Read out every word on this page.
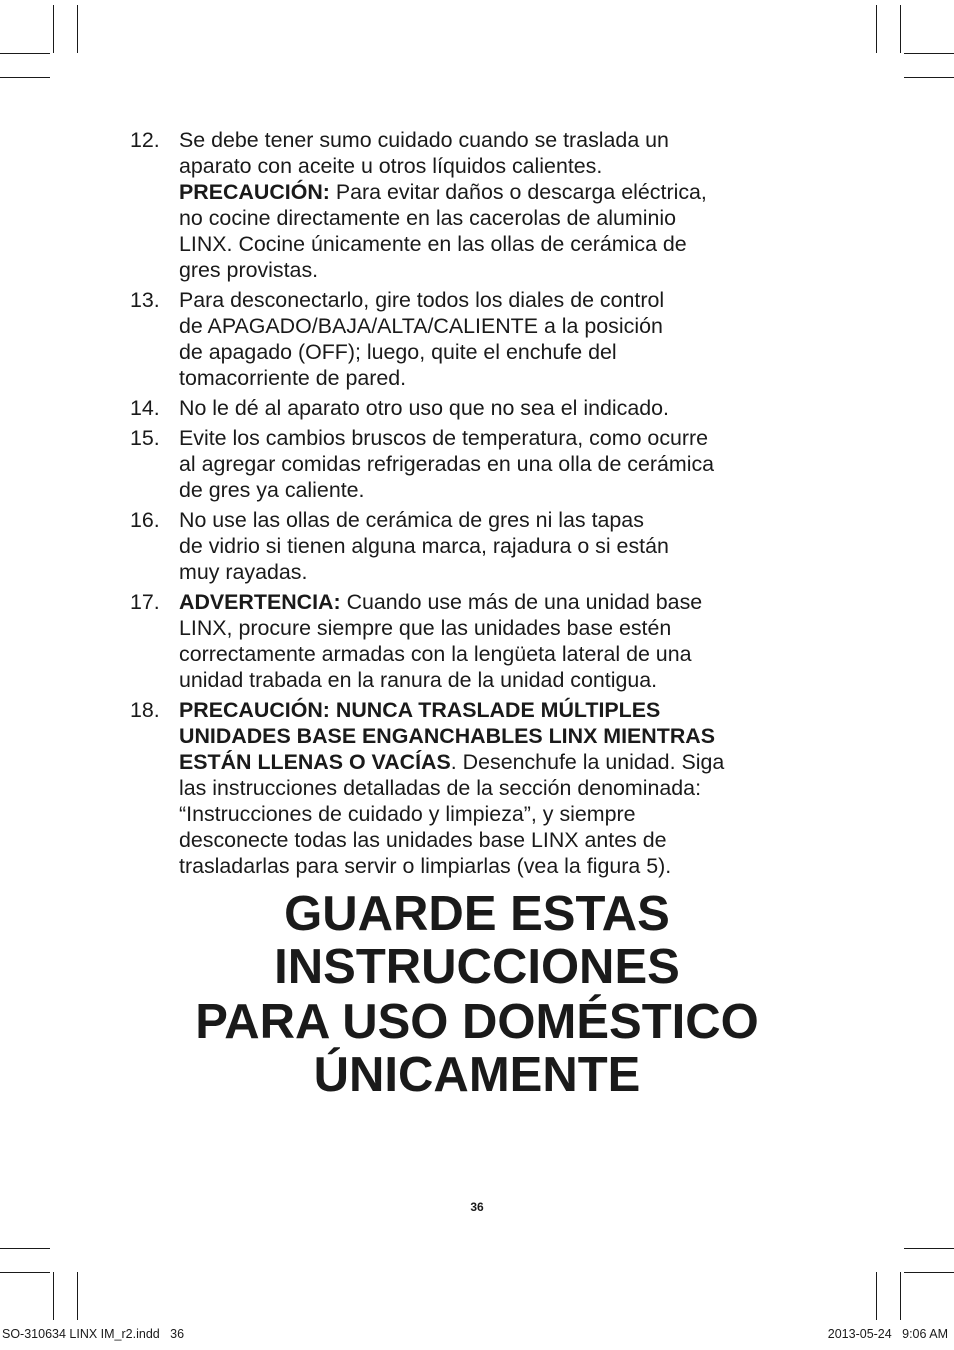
12. Se debe tener sumo cuidado cuando se traslada un
aparato con aceite u otros líquidos calientes.
PRECAUCIÓN: Para evitar daños o descarga eléctrica,
no cocine directamente en las cacerolas de aluminio
LINX. Cocine únicamente en las ollas de cerámica de
gres provistas.
13. Para desconectarlo, gire todos los diales de control
de APAGADO/BAJA/ALTA/CALIENTE a la posición
de apagado (OFF); luego, quite el enchufe del
tomacorriente de pared.
14. No le dé al aparato otro uso que no sea el indicado.
15. Evite los cambios bruscos de temperatura, como ocurre
al agregar comidas refrigeradas en una olla de cerámica
de gres ya caliente.
16. No use las ollas de cerámica de gres ni las tapas
de vidrio si tienen alguna marca, rajadura o si están
muy rayadas.
17. ADVERTENCIA: Cuando use más de una unidad base
LINX, procure siempre que las unidades base estén
correctamente armadas con la lengüeta lateral de una
unidad trabada en la ranura de la unidad contigua.
18. PRECAUCIÓN: NUNCA TRASLADE MÚLTIPLES
UNIDADES BASE ENGANCHABLES LINX MIENTRAS
ESTÁN LLENAS O VACÍAS. Desenchufe la unidad. Siga
las instrucciones detalladas de la sección denominada:
“Instrucciones de cuidado y limpieza”, y siempre
desconecte todas las unidades base LINX antes de
trasladarlas para servir o limpiarlas (vea la figura 5).
GUARDE ESTAS
INSTRUCCIONES
PARA USO DOMÉSTICO
ÚNICAMENTE
36
SO-310634 LINX IM_r2.indd   36	2013-05-24   9:06 AM
